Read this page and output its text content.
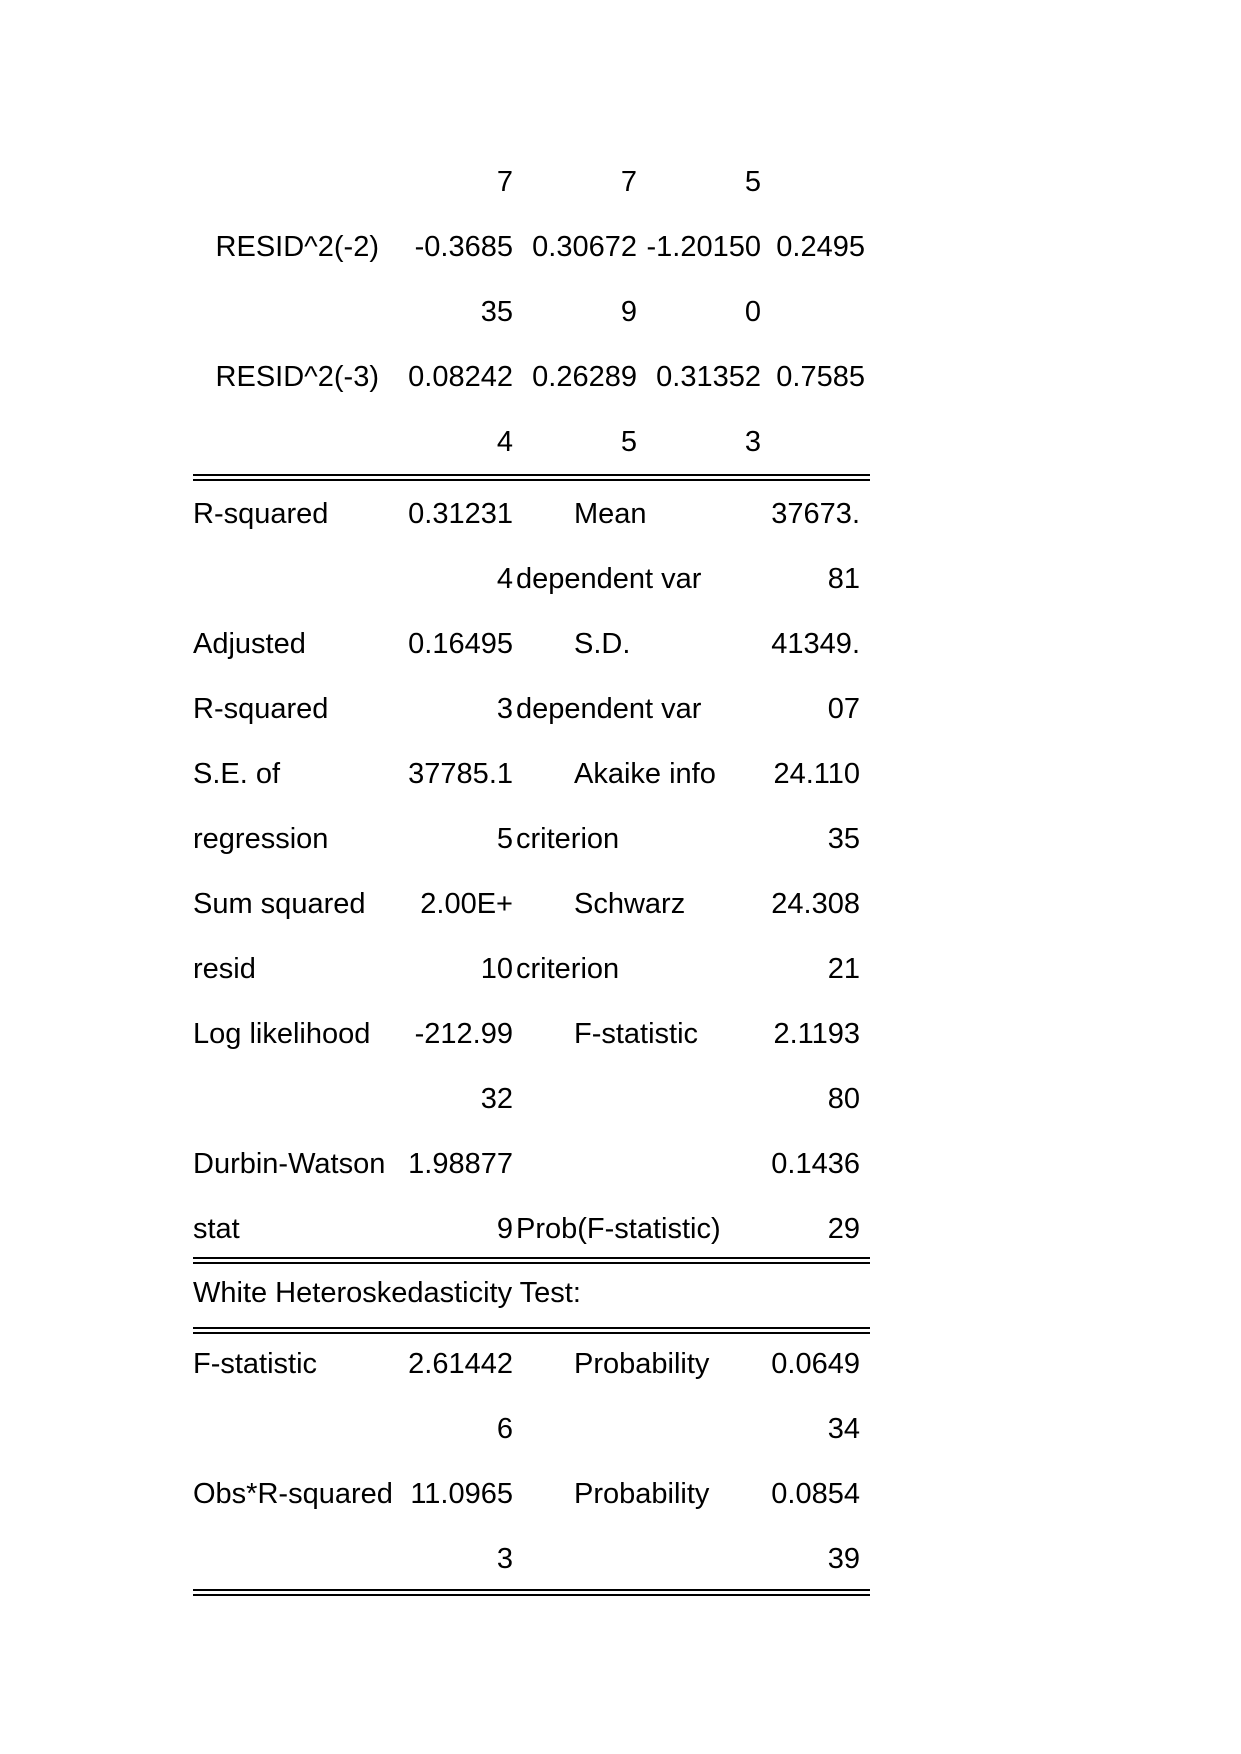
7	7	5
RESID^2(-2)	-0.3685 0.30672 -1.20150 0.2495
35	9	0
RESID^2(-3)	0.08242 0.26289 0.31352 0.7585
4	5	3
R-squared	0.31231 Mean	37673.
4 dependent var	81
Adjusted	0.16495 S.D.	41349.
R-squared	3 dependent var	07
S.E. of	37785.1 Akaike info	24.110
regression	5 criterion	35
Sum squared	2.00E+ Schwarz	24.308
resid	10 criterion	21
Log likelihood	-212.99 F-statistic	2.1193
32	80
Durbin-Watson 1.98877	0.1436
stat	9 Prob(F-statistic)	29
White Heteroskedasticity Test:
F-statistic	2.61442 Probability	0.0649
6	34
Obs*R-squared 11.0965 Probability	0.0854
3	39
